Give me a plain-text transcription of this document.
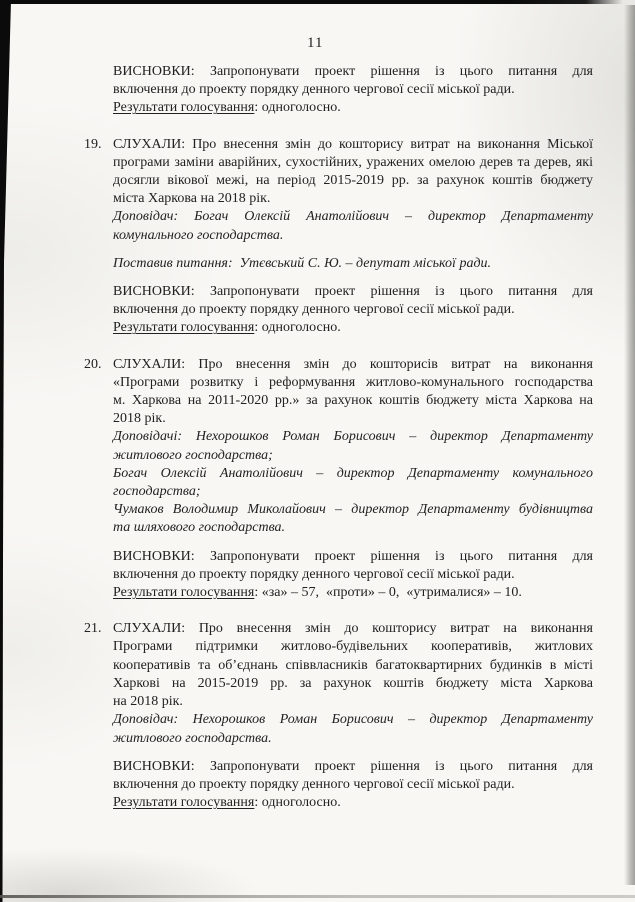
11
ВИСНОВКИ: Запропонувати проект рішення із цього питання для
включення до проекту порядку денного чергової сесії міської ради.
Результати голосування: одноголосно.
19. СЛУХАЛИ: Про внесення змін до кошторису витрат на виконання Міської
програми заміни аварійних, сухостійних, уражених омелою дерев та дерев, які
досягли вікової межі, на період 2015-2019 рр. за рахунок коштів бюджету
міста Харкова на 2018 рік.
Доповідач: Богач Олексій Анатолійович – директор Департаменту
комунального господарства.
Поставив питання: Утєвський С. Ю. – депутат міської ради.
ВИСНОВКИ: Запропонувати проект рішення із цього питання для
включення до проекту порядку денного чергової сесії міської ради.
Результати голосування: одноголосно.
20. СЛУХАЛИ: Про внесення змін до кошторисів витрат на виконання
«Програми розвитку і реформування житлово-комунального господарства
м. Харкова на 2011-2020 рр.» за рахунок коштів бюджету міста Харкова на
2018 рік.
Доповідачі: Нехорошков Роман Борисович – директор Департаменту
житлового господарства;
Богач Олексій Анатолійович – директор Департаменту комунального
господарства;
Чумаков Володимир Миколайович – директор Департаменту будівництва
та шляхового господарства.
ВИСНОВКИ: Запропонувати проект рішення із цього питання для
включення до проекту порядку денного чергової сесії міської ради.
Результати голосування: «за» – 57, «проти» – 0, «утрималися» – 10.
21. СЛУХАЛИ: Про внесення змін до кошторису витрат на виконання
Програми підтримки житлово-будівельних кооперативів, житлових
кооперативів та об’єднань співвласників багатоквартирних будинків в місті
Харкові на 2015-2019 рр. за рахунок коштів бюджету міста Харкова
на 2018 рік.
Доповідач: Нехорошков Роман Борисович – директор Департаменту
житлового господарства.
ВИСНОВКИ: Запропонувати проект рішення із цього питання для
включення до проекту порядку денного чергової сесії міської ради.
Результати голосування: одноголосно.
